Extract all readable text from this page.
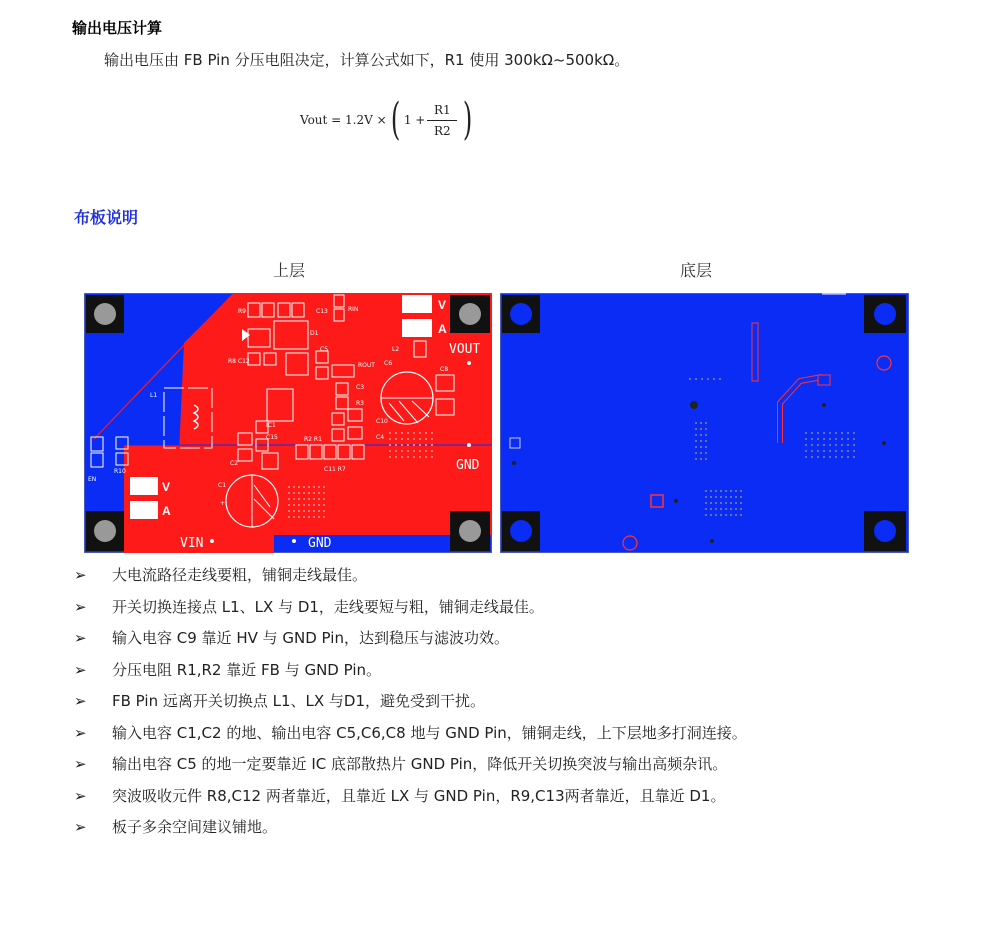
输出电压计算
输出电压由 FB Pin 分压电阻决定，计算公式如下，R1 使用 300kΩ~500kΩ。
Vout = 1.2V × ( $1 + \frac{R1}{R2}$ )
布板说明
上层	底层
V
A
V
A
VOUT
GND
VIN	GND
EN
R10
L1
L2
R9	C13	RIN
D1
R8 C12
C5
ROUT C6
C8
C3
R3
C10
C4
IC1
C15	R2 R1
C11 R7
C2
C1
+
➢	大电流路径走线要粗，铺铜走线最佳。
➢	开关切换连接点 L1、LX 与 D1，走线要短与粗，铺铜走线最佳。
➢	输入电容 C9 靠近 HV 与 GND Pin，达到稳压与滤波功效。
➢	分压电阻 R1,R2 靠近 FB 与 GND Pin。
➢	FB Pin 远离开关切换点 L1、LX 与D1，避免受到干扰。
➢	输入电容 C1,C2 的地、输出电容 C5,C6,C8 地与 GND Pin，铺铜走线，上下层地多打洞连接。
➢	输出电容 C5 的地一定要靠近 IC 底部散热片 GND Pin，降低开关切换突波与输出高频杂讯。
➢	突波吸收元件 R8,C12 两者靠近，且靠近 LX 与 GND Pin，R9,C13两者靠近，且靠近 D1。
➢	板子多余空间建议铺地。
